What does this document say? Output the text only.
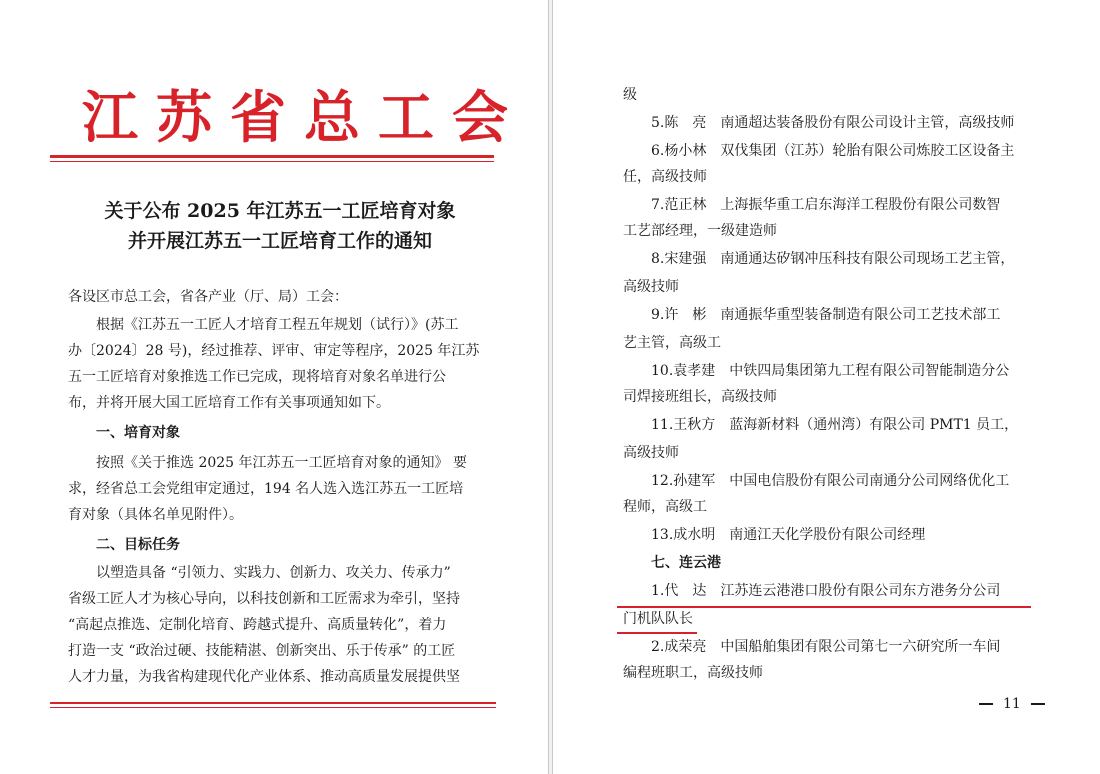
江苏省总工会
关于公布 2025 年江苏五一工匠培育对象
并开展江苏五一工匠培育工作的通知
各设区市总工会，省各产业（厅、局）工会：
根据《江苏五一工匠人才培育工程五年规划（试行）》(苏工
办〔2024〕28 号)，经过推荐、评审、审定等程序，2025 年江苏
五一工匠培育对象推选工作已完成，现将培育对象名单进行公
布，并将开展大国工匠培育工作有关事项通知如下。
一、培育对象
按照《关于推选 2025 年江苏五一工匠培育对象的通知》 要
求，经省总工会党组审定通过，194 名人选入选江苏五一工匠培
育对象（具体名单见附件）。
二、目标任务
以塑造具备 “引领力、实践力、创新力、攻关力、传承力”
省级工匠人才为核心导向，以科技创新和工匠需求为牵引，坚持
“高起点推选、定制化培育、跨越式提升、高质量转化”，着力
打造一支 “政治过硬、技能精湛、创新突出、乐于传承” 的工匠
人才力量，为我省构建现代化产业体系、推动高质量发展提供坚
级
5.陈　亮　南通超达装备股份有限公司设计主管，高级技师
6.杨小林　双伐集团（江苏）轮胎有限公司炼胶工区设备主
任，高级技师
7.范正林　上海振华重工启东海洋工程股份有限公司数智
工艺部经理，一级建造师
8.宋建强　南通通达矽钢冲压科技有限公司现场工艺主管，
高级技师
9.许　彬　南通振华重型装备制造有限公司工艺技术部工
艺主管，高级工
10.袁孝建　中铁四局集团第九工程有限公司智能制造分公
司焊接班组长，高级技师
11.王秋方　蓝海新材料（通州湾）有限公司 PMT1 员工，
高级技师
12.孙建军　中国电信股份有限公司南通分公司网络优化工
程师，高级工
13.成水明　南通江天化学股份有限公司经理
七、连云港
1.代　达　江苏连云港港口股份有限公司东方港务分公司
门机队队长
2.成荣亮　中国船舶集团有限公司第七一六研究所一车间
编程班职工，高级技师
11
